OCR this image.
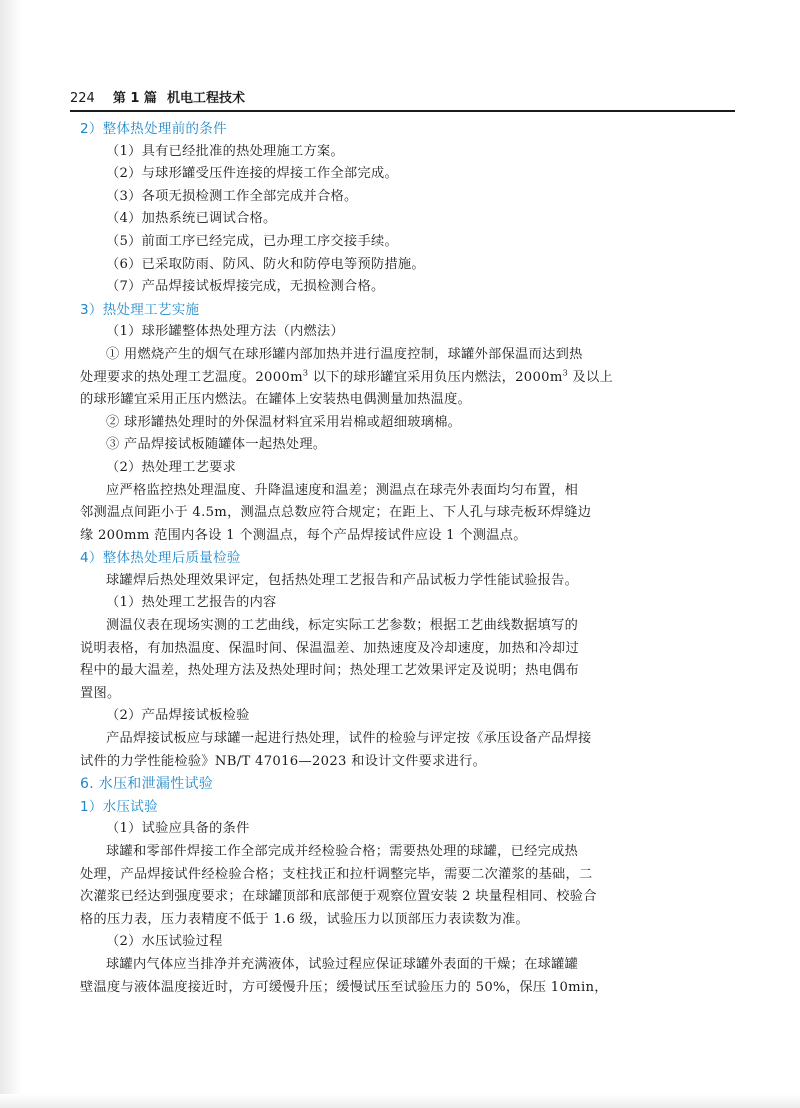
224 第 1 篇 机电工程技术
2）整体热处理前的条件
（1）具有已经批准的热处理施工方案。
（2）与球形罐受压件连接的焊接工作全部完成。
（3）各项无损检测工作全部完成并合格。
（4）加热系统已调试合格。
（5）前面工序已经完成，已办理工序交接手续。
（6）已采取防雨、防风、防火和防停电等预防措施。
（7）产品焊接试板焊接完成，无损检测合格。
3）热处理工艺实施
（1）球形罐整体热处理方法（内燃法）
① 用燃烧产生的烟气在球形罐内部加热并进行温度控制，球罐外部保温而达到热
处理要求的热处理工艺温度。$2000m^3$ 以下的球形罐宜采用负压内燃法，$2000m^3$ 及以上
的球形罐宜采用正压内燃法。在罐体上安装热电偶测量加热温度。
② 球形罐热处理时的外保温材料宜采用岩棉或超细玻璃棉。
③ 产品焊接试板随罐体一起热处理。
（2）热处理工艺要求
应严格监控热处理温度、升降温速度和温差；测温点在球壳外表面均匀布置，相
邻测温点间距小于 4.5m，测温点总数应符合规定；在距上、下人孔与球壳板环焊缝边
缘 200mm 范围内各设 1 个测温点，每个产品焊接试件应设 1 个测温点。
4）整体热处理后质量检验
球罐焊后热处理效果评定，包括热处理工艺报告和产品试板力学性能试验报告。
（1）热处理工艺报告的内容
测温仪表在现场实测的工艺曲线，标定实际工艺参数；根据工艺曲线数据填写的
说明表格，有加热温度、保温时间、保温温差、加热速度及冷却速度，加热和冷却过
程中的最大温差，热处理方法及热处理时间；热处理工艺效果评定及说明；热电偶布
置图。
（2）产品焊接试板检验
产品焊接试板应与球罐一起进行热处理，试件的检验与评定按《承压设备产品焊接
试件的力学性能检验》NB/T 47016—2023 和设计文件要求进行。
6. 水压和泄漏性试验
1）水压试验
（1）试验应具备的条件
球罐和零部件焊接工作全部完成并经检验合格；需要热处理的球罐，已经完成热
处理，产品焊接试件经检验合格；支柱找正和拉杆调整完毕，需要二次灌浆的基础，二
次灌浆已经达到强度要求；在球罐顶部和底部便于观察位置安装 2 块量程相同、校验合
格的压力表，压力表精度不低于 1.6 级，试验压力以顶部压力表读数为准。
（2）水压试验过程
球罐内气体应当排净并充满液体，试验过程应保证球罐外表面的干燥；在球罐罐
壁温度与液体温度接近时，方可缓慢升压；缓慢试压至试验压力的 50%，保压 10min，
